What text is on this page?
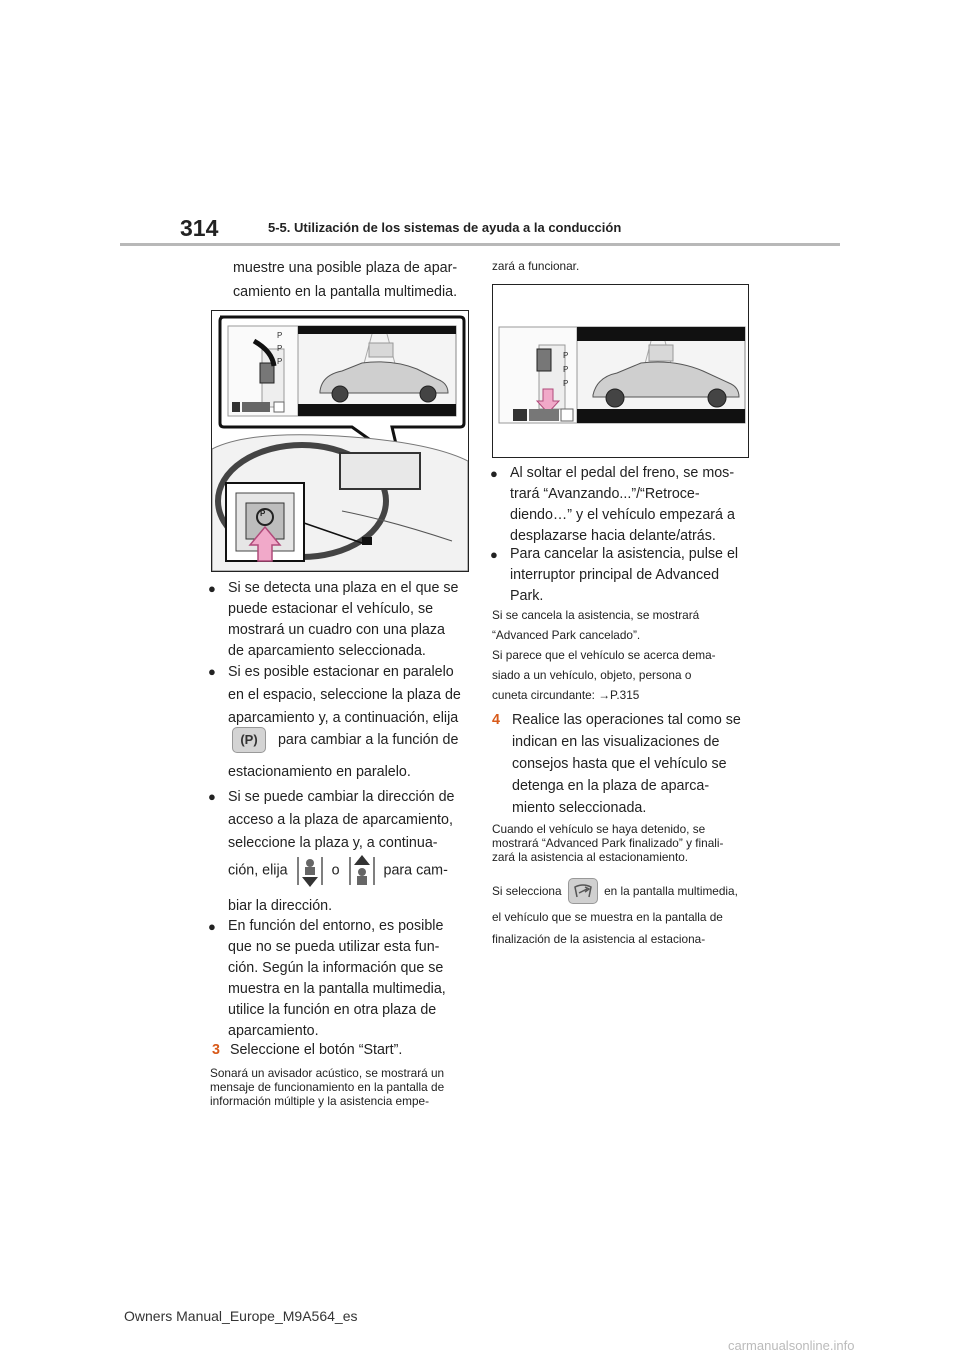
314	5-5. Utilización de los sistemas de ayuda a la conducción
muestre una posible plaza de apar-
camiento en la pantalla multimedia.
P
P
P
P
● Si se detecta una plaza en el que se
puede estacionar el vehículo, se
mostrará un cuadro con una plaza
de aparcamiento seleccionada.
● Si es posible estacionar en paralelo
en el espacio, seleccione la plaza de
aparcamiento y, a continuación, elija
(P) para cambiar a la función de
estacionamiento en paralelo.
● Si se puede cambiar la dirección de
acceso a la plaza de aparcamiento,
seleccione la plaza y, a continua-
ción, elija	o	para cam-
biar la dirección.
● En función del entorno, es posible
que no se pueda utilizar esta fun-
ción. Según la información que se
muestra en la pantalla multimedia,
utilice la función en otra plaza de
aparcamiento.
3 Seleccione el botón “Start”.
Sonará un avisador acústico, se mostrará un
mensaje de funcionamiento en la pantalla de
información múltiple y la asistencia empe-
zará a funcionar.
P
P
P
● Al soltar el pedal del freno, se mos-
trará “Avanzando...”/“Retroce-
diendo…” y el vehículo empezará a
desplazarse hacia delante/atrás.
● Para cancelar la asistencia, pulse el
interruptor principal de Advanced
Park.
Si se cancela la asistencia, se mostrará
“Advanced Park cancelado”.
Si parece que el vehículo se acerca dema-
siado a un vehículo, objeto, persona o
cuneta circundante: →P.315
4 Realice las operaciones tal como se
indican en las visualizaciones de
consejos hasta que el vehículo se
detenga en la plaza de aparca-
miento seleccionada.
Cuando el vehículo se haya detenido, se
mostrará “Advanced Park finalizado” y finali-
zará la asistencia al estacionamiento.
Si selecciona	en la pantalla multimedia,
el vehículo que se muestra en la pantalla de
finalización de la asistencia al estaciona-
Owners Manual_Europe_M9A564_es
carmanualsonline.info
